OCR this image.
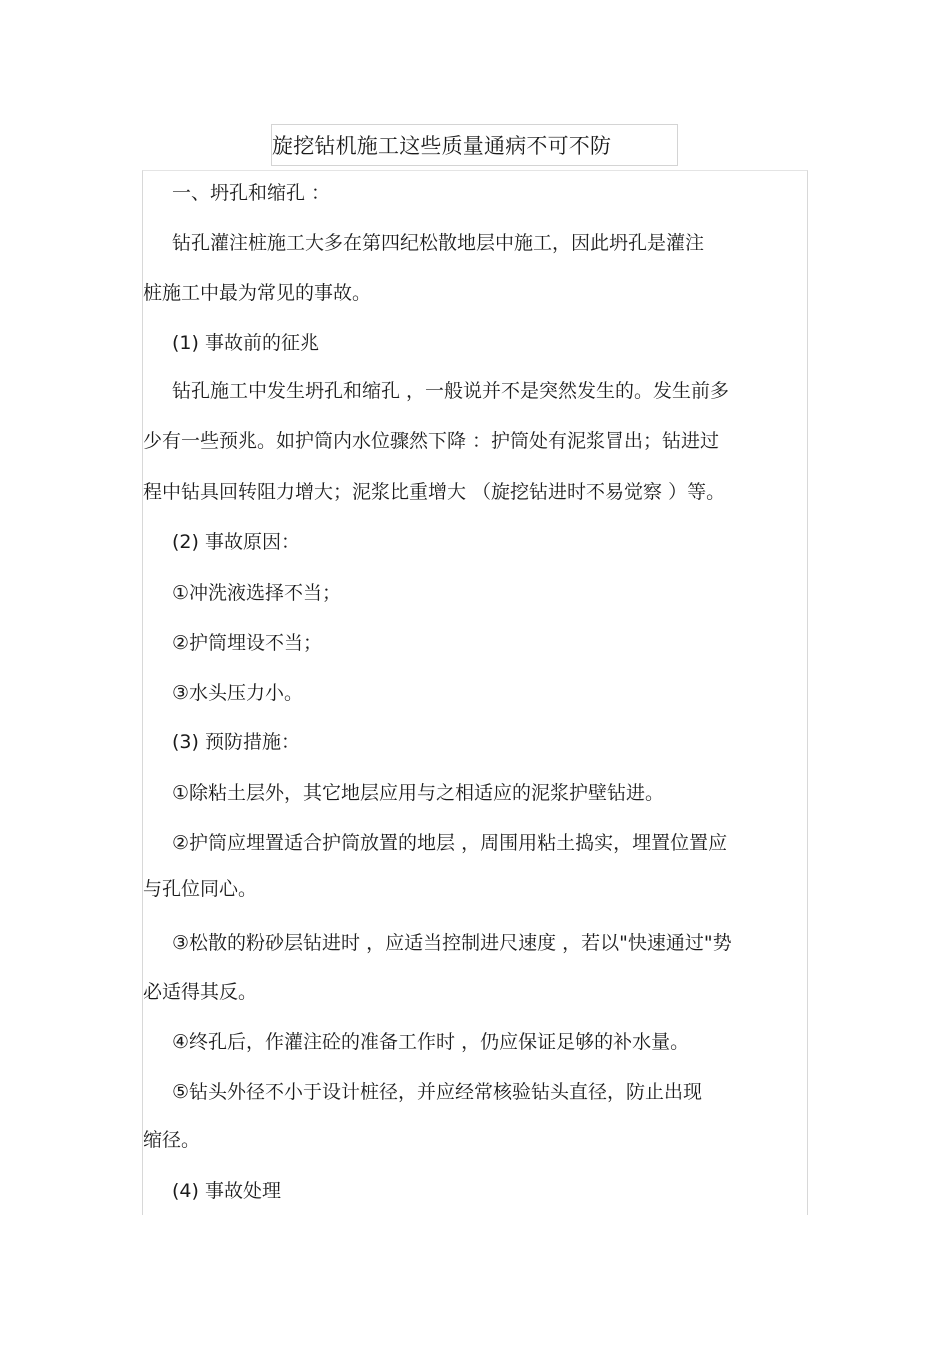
旋挖钻机施工这些质量通病不可不防
一、坍孔和缩孔 ：
钻孔灌注桩施工大多在第四纪松散地层中施工，因此坍孔是灌注
桩施工中最为常见的事故。
(1) 事故前的征兆
钻孔施工中发生坍孔和缩孔 ，一般说并不是突然发生的。发生前多
少有一些预兆。如护筒内水位骤然下降 ：护筒处有泥浆冒出；钻进过
程中钻具回转阻力增大；泥浆比重增大 （旋挖钻进时不易觉察 ）等。
(2) 事故原因：
①冲洗液选择不当；
②护筒埋设不当；
③水头压力小。
(3) 预防措施：
①除粘土层外，其它地层应用与之相适应的泥浆护壁钻进。
②护筒应埋置适合护筒放置的地层 ，周围用粘土捣实，埋置位置应
与孔位同心。
③松散的粉砂层钻进时 ，应适当控制进尺速度 ，若以"快速通过"势
必适得其反。
④终孔后，作灌注砼的准备工作时 ，仍应保证足够的补水量。
⑤钻头外径不小于设计桩径，并应经常核验钻头直径，防止出现
缩径。
(4) 事故处理
